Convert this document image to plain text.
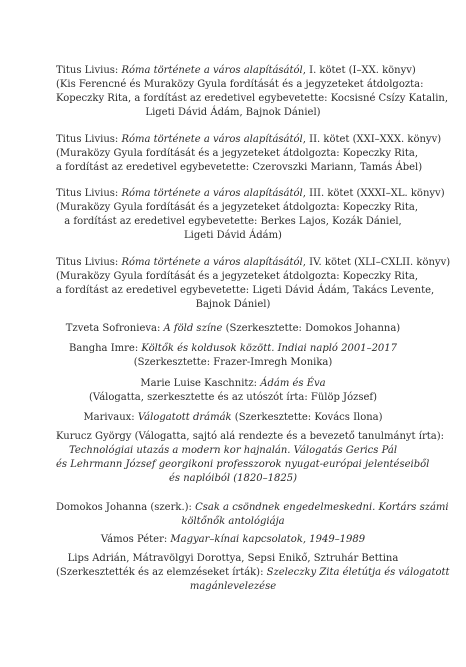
Titus Livius: Róma története a város alapításától, I. kötet (I–XX. könyv)
(Kis Ferencné és Muraközy Gyula fordítását és a jegyzeteket átdolgozta:
Kopeczky Rita, a fordítást az eredetivel egybevetette: Kocsisné Csízy Katalin,
Ligeti Dávid Ádám, Bajnok Dániel)
Titus Livius: Róma története a város alapításától, II. kötet (XXI–XXX. könyv)
(Muraközy Gyula fordítását és a jegyzeteket átdolgozta: Kopeczky Rita,
a fordítást az eredetivel egybevetette: Czerovszki Mariann, Tamás Ábel)
Titus Livius: Róma története a város alapításától, III. kötet (XXXI–XL. könyv)
(Muraközy Gyula fordítását és a jegyzeteket átdolgozta: Kopeczky Rita,
a fordítást az eredetivel egybevetette: Berkes Lajos, Kozák Dániel,
Ligeti Dávid Ádám)
Titus Livius: Róma története a város alapításától, IV. kötet (XLI–CXLII. könyv)
(Muraközy Gyula fordítását és a jegyzeteket átdolgozta: Kopeczky Rita,
a fordítást az eredetivel egybevetette: Ligeti Dávid Ádám, Takács Levente,
Bajnok Dániel)
Tzveta Sofronieva: A föld színe (Szerkesztette: Domokos Johanna)
Bangha Imre: Költők és koldusok között. Indiai napló 2001–2017
(Szerkesztette: Frazer-Imregh Monika)
Marie Luise Kaschnitz: Ádám és Éva
(Válogatta, szerkesztette és az utószót írta: Fülöp József)
Marivaux: Válogatott drámák (Szerkesztette: Kovács Ilona)
Kurucz György (Válogatta, sajtó alá rendezte és a bevezető tanulmányt írta):
Technológiai utazás a modern kor hajnalán. Válogatás Gerics Pál
és Lehrmann József georgikoni professzorok nyugat-európai jelentéseiből
és naplóiból (1820–1825)
Domokos Johanna (szerk.): Csak a csöndnek engedelmeskedni. Kortárs számi
költőnők antológiája
Vámos Péter: Magyar–kínai kapcsolatok, 1949–1989
Lips Adrián, Mátravölgyi Dorottya, Sepsi Enikő, Sztruhár Bettina
(Szerkesztették és az elemzéseket írták): Szeleczky Zita életútja és válogatott
magánlevelezése
